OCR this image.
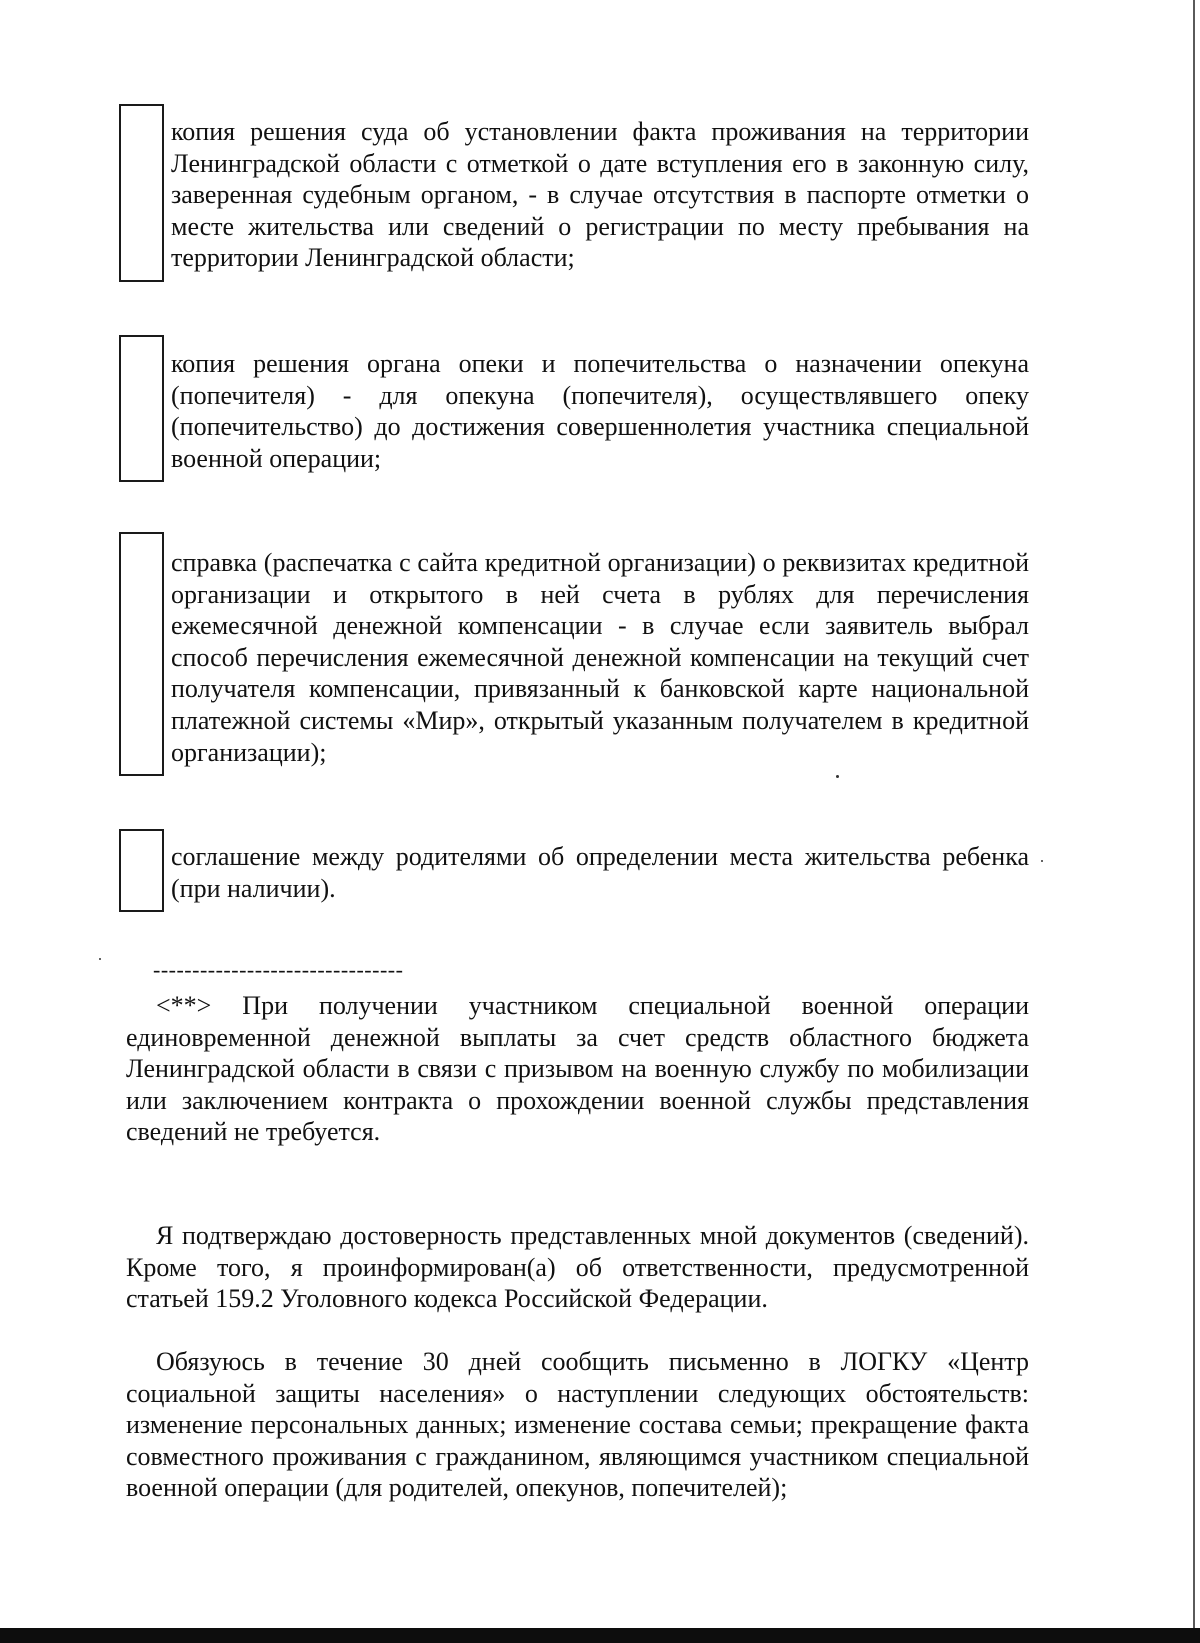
копия решения суда об установлении факта проживания на территории Ленинградской области с отметкой о дате вступления его в законную силу, заверенная судебным органом, - в случае отсутствия в паспорте отметки о месте жительства или сведений о регистрации по месту пребывания на территории Ленинградской области;
копия решения органа опеки и попечительства о назначении опекуна (попечителя) - для опекуна (попечителя), осуществлявшего опеку (попечительство) до достижения совершеннолетия участника специальной военной операции;
справка (распечатка с сайта кредитной организации) о реквизитах кредитной организации и открытого в ней счета в рублях для перечисления ежемесячной денежной компенсации - в случае если заявитель выбрал способ перечисления ежемесячной денежной компенсации на текущий счет получателя компенсации, привязанный к банковской карте национальной платежной системы «Мир», открытый указанным получателем в кредитной организации);
соглашение между родителями об определении места жительства ребенка (при наличии).
--------------------------------

<**> При получении участником специальной военной операции единовременной денежной выплаты за счет средств областного бюджета Ленинградской области в связи с призывом на военную службу по мобилизации или заключением контракта о прохождении военной службы представления сведений не требуется.

Я подтверждаю достоверность представленных мной документов (сведений). Кроме того, я проинформирован(а) об ответственности, предусмотренной статьей 159.2 Уголовного кодекса Российской Федерации.

Обязуюсь в течение 30 дней сообщить письменно в ЛОГКУ «Центр социальной защиты населения» о наступлении следующих обстоятельств: изменение персональных данных; изменение состава семьи; прекращение факта совместного проживания с гражданином, являющимся участником специальной военной операции (для родителей, опекунов, попечителей);
